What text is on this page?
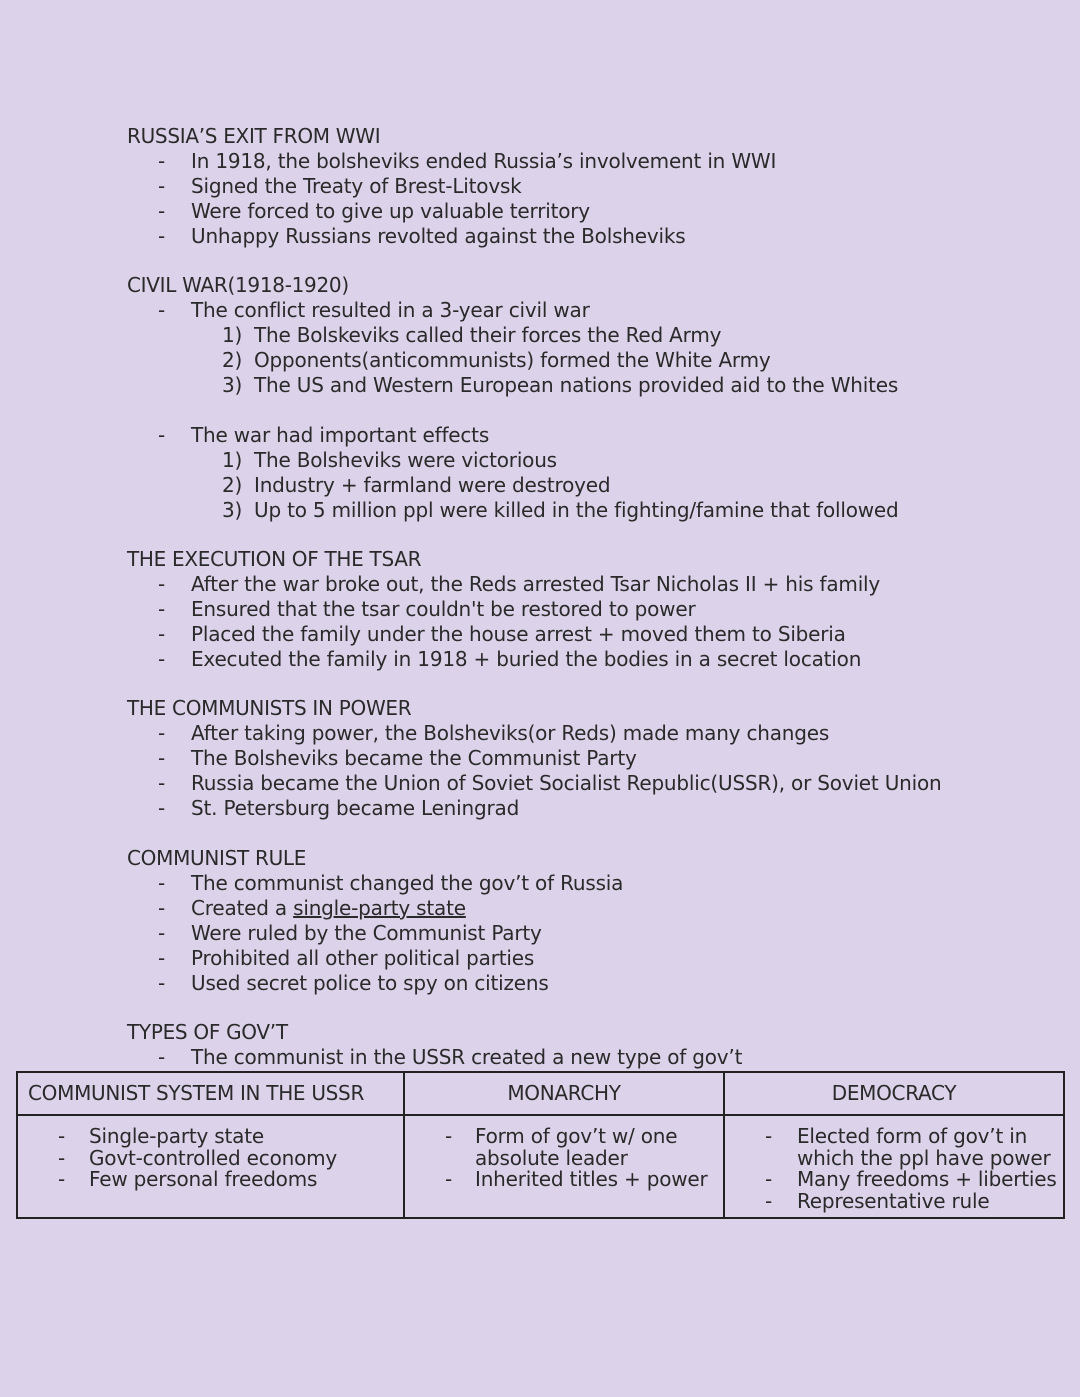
RUSSIA’S EXIT FROM WWI
- In 1918, the bolsheviks ended Russia’s involvement in WWI
- Signed the Treaty of Brest-Litovsk
- Were forced to give up valuable territory
- Unhappy Russians revolted against the Bolsheviks
CIVIL WAR(1918-1920)
- The conflict resulted in a 3-year civil war
1) The Bolskeviks called their forces the Red Army
2) Opponents(anticommunists) formed the White Army
3) The US and Western European nations provided aid to the Whites
- The war had important effects
1) The Bolsheviks were victorious
2) Industry + farmland were destroyed
3) Up to 5 million ppl were killed in the fighting/famine that followed
THE EXECUTION OF THE TSAR
- After the war broke out, the Reds arrested Tsar Nicholas II + his family
- Ensured that the tsar couldn't be restored to power
- Placed the family under the house arrest + moved them to Siberia
- Executed the family in 1918 + buried the bodies in a secret location
THE COMMUNISTS IN POWER
- After taking power, the Bolsheviks(or Reds) made many changes
- The Bolsheviks became the Communist Party
- Russia became the Union of Soviet Socialist Republic(USSR), or Soviet Union
- St. Petersburg became Leningrad
COMMUNIST RULE
- The communist changed the gov’t of Russia
- Created a single-party state
- Were ruled by the Communist Party
- Prohibited all other political parties
- Used secret police to spy on citizens
TYPES OF GOV’T
- The communist in the USSR created a new type of gov’t
COMMUNIST SYSTEM IN THE USSR
- Single-party state
- Govt-controlled economy
- Few personal freedoms
MONARCHY
- Form of gov’t w/ one absolute leader
- Inherited titles + power
DEMOCRACY
- Elected form of gov’t in which the ppl have power
- Many freedoms + liberties
- Representative rule
